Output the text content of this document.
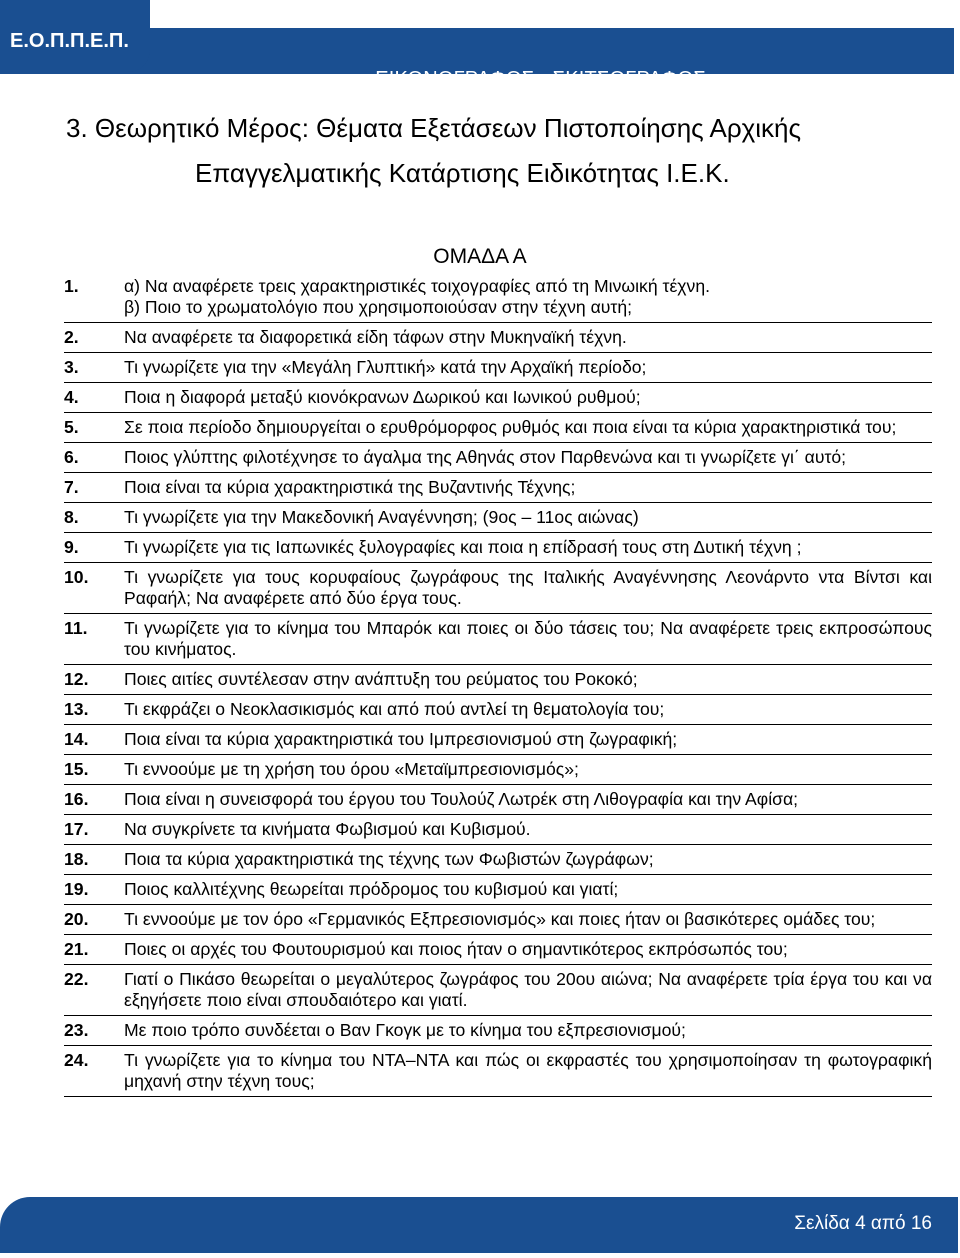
ΕΙΚΟΝΟΓΡΑΦΟΣ - ΣΚΙΤΣΟΓΡΑΦΟΣ
Ε.Ο.Π.Π.Ε.Π.
3. Θεωρητικό Μέρος: Θέματα Εξετάσεων Πιστοποίησης Αρχικής
Επαγγελματικής Κατάρτισης Ειδικότητας Ι.Ε.Κ.
ΟΜΑΔΑ Α
1.	α) Να αναφέρετε τρεις χαρακτηριστικές τοιχογραφίες από τη Μινωική τέχνη.
β) Ποιο το χρωματολόγιο που χρησιμοποιούσαν στην τέχνη αυτή;
2.	Να αναφέρετε τα διαφορετικά είδη τάφων στην Μυκηναϊκή τέχνη.
3.	Τι γνωρίζετε για την «Μεγάλη Γλυπτική» κατά την Αρχαϊκή περίοδο;
4.	Ποια η διαφορά μεταξύ κιονόκρανων Δωρικού και Ιωνικού ρυθμού;
5.	Σε ποια περίοδο δημιουργείται ο ερυθρόμορφος ρυθμός και ποια είναι τα κύρια χαρακτηριστικά του;
6.	Ποιος γλύπτης φιλοτέχνησε το άγαλμα της Αθηνάς στον Παρθενώνα και τι γνωρίζετε γι΄ αυτό;
7.	Ποια είναι τα κύρια χαρακτηριστικά της Βυζαντινής Τέχνης;
8.	Τι γνωρίζετε για την Μακεδονική Αναγέννηση; (9ος – 11ος αιώνας)
9.	Τι γνωρίζετε για τις Ιαπωνικές ξυλογραφίες και ποια η επίδρασή τους στη Δυτική τέχνη ;
10.	Τι γνωρίζετε για τους κορυφαίους ζωγράφους της Ιταλικής Αναγέννησης Λεονάρντο ντα Βίντσι και Ραφαήλ; Να αναφέρετε από δύο έργα τους.
11.	Τι γνωρίζετε για το κίνημα του Μπαρόκ και ποιες οι δύο τάσεις του; Να αναφέρετε τρεις εκπροσώπους του κινήματος.
12.	Ποιες αιτίες συντέλεσαν στην ανάπτυξη του ρεύματος του Ροκοκό;
13.	Τι εκφράζει ο Νεοκλασικισμός και από πού αντλεί τη θεματολογία του;
14.	Ποια είναι τα κύρια χαρακτηριστικά του Ιμπρεσιονισμού στη ζωγραφική;
15.	Τι εννοούμε με τη χρήση του όρου «Μεταϊμπρεσιονισμός»;
16.	Ποια είναι η συνεισφορά του έργου του Τουλούζ Λωτρέκ στη Λιθογραφία και την Αφίσα;
17.	Να συγκρίνετε τα κινήματα Φωβισμού και Κυβισμού.
18.	Ποια τα κύρια χαρακτηριστικά της τέχνης των Φωβιστών ζωγράφων;
19.	Ποιος καλλιτέχνης θεωρείται πρόδρομος του κυβισμού και γιατί;
20.	Τι εννοούμε με τον όρο «Γερμανικός Εξπρεσιονισμός» και ποιες ήταν οι βασικότερες ομάδες του;
21.	Ποιες οι αρχές του Φουτουρισμού και ποιος ήταν ο σημαντικότερος εκπρόσωπός του;
22.	Γιατί ο Πικάσο θεωρείται ο μεγαλύτερος ζωγράφος του 20ου αιώνα; Να αναφέρετε τρία έργα του και να εξηγήσετε ποιο είναι σπουδαιότερο και γιατί.
23.	Με ποιο τρόπο συνδέεται ο Βαν Γκογκ με το κίνημα του εξπρεσιονισμού;
24.	Τι γνωρίζετε για το κίνημα του ΝΤΑ–ΝΤΑ και πώς οι εκφραστές του χρησιμοποίησαν τη φωτογραφική μηχανή στην τέχνη τους;
Σελίδα 4 από 16
